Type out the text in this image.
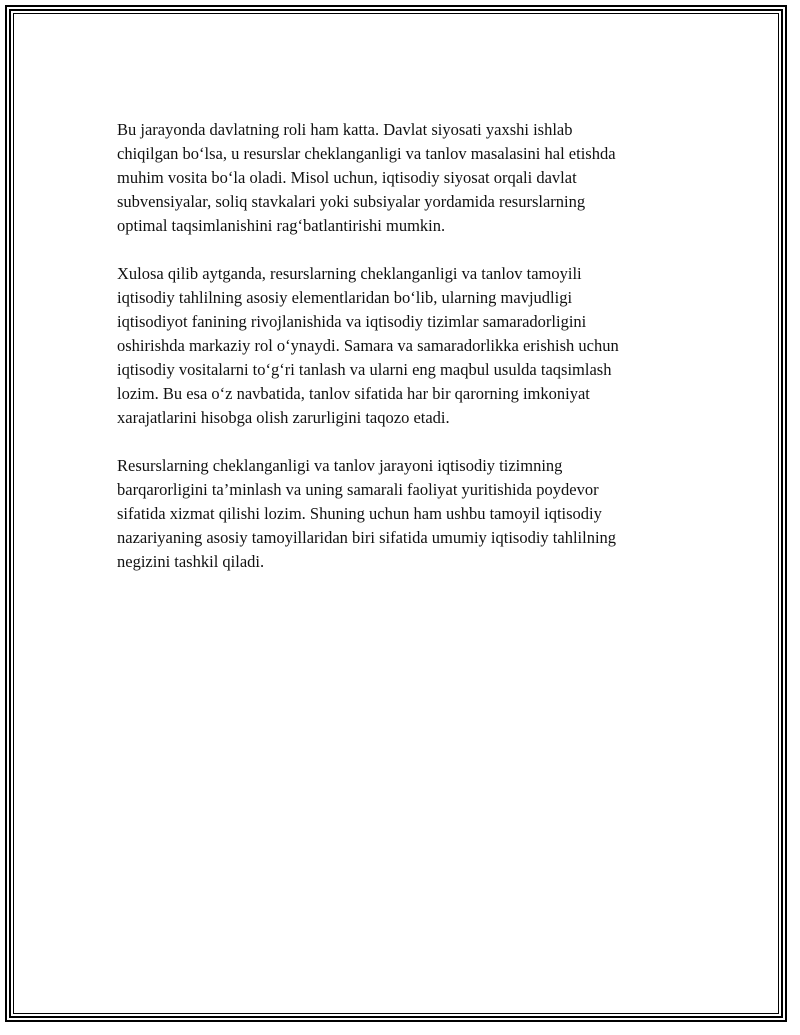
Bu jarayonda davlatning roli ham katta. Davlat siyosati yaxshi ishlab
chiqilgan bo‘lsa, u resurslar cheklanganligi va tanlov masalasini hal etishda
muhim vosita bo‘la oladi. Misol uchun, iqtisodiy siyosat orqali davlat
subvensiyalar, soliq stavkalari yoki subsiyalar yordamida resurslarning
optimal taqsimlanishini rag‘batlantirishi mumkin.

Xulosa qilib aytganda, resurslarning cheklanganligi va tanlov tamoyili
iqtisodiy tahlilning asosiy elementlaridan bo‘lib, ularning mavjudligi
iqtisodiyot fanining rivojlanishida va iqtisodiy tizimlar samaradorligini
oshirishda markaziy rol o‘ynaydi. Samara va samaradorlikka erishish uchun
iqtisodiy vositalarni to‘g‘ri tanlash va ularni eng maqbul usulda taqsimlash
lozim. Bu esa o‘z navbatida, tanlov sifatida har bir qarorning imkoniyat
xarajatlarini hisobga olish zarurligini taqozo etadi.

Resurslarning cheklanganligi va tanlov jarayoni iqtisodiy tizimning
barqarorligini ta’minlash va uning samarali faoliyat yuritishida poydevor
sifatida xizmat qilishi lozim. Shuning uchun ham ushbu tamoyil iqtisodiy
nazariyaning asosiy tamoyillaridan biri sifatida umumiy iqtisodiy tahlilning
negizini tashkil qiladi.
